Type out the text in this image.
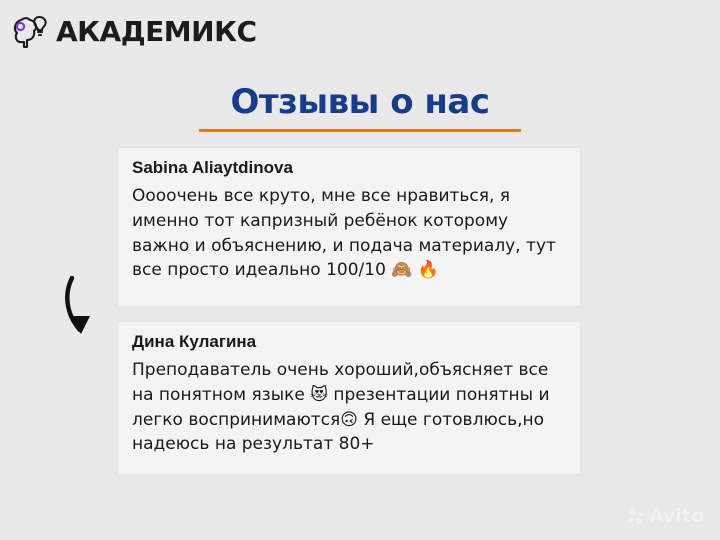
АКАДЕМИКС
Отзывы о нас

Sabina Aliaytdinova

Оооочень все круто, мне все нравиться, я именно тот капризный ребёнок которому важно и объяснению, и подача материалу, тут все просто идеально 100/10 🙈 🔥

Дина Кулагина

Преподаватель очень хороший,объясняет все на понятном языке 😻 презентации понятны и легко воспринимаются🙃 Я еще готовлюсь,но надеюсь на результат 80+

Avito
